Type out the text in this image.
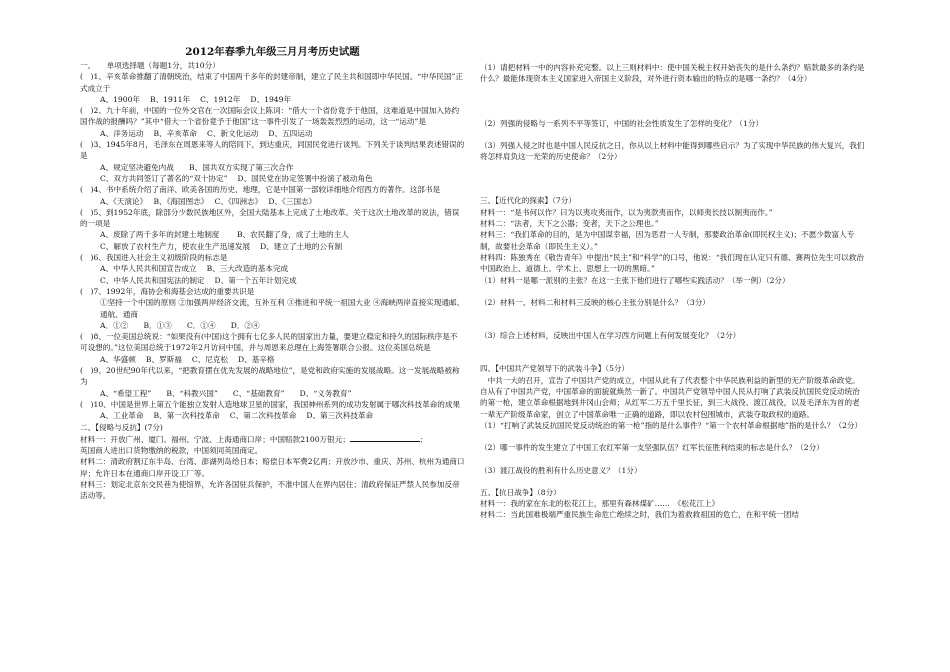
2012年春季九年级三月月考历史试题
一、　　单项选择题（每题1分，共10分）
(　)1、辛亥革命推翻了清朝统治，结束了中国两千多年的封建帝制，建立了民主共和国即中华民国。“中华民国”正式成立于
A、1900年　 B、1911年　 C、1912年　 D、1949年
(　)2、九十年前，中国的一位外交官在一次国际会议上陈词：“借大一个省份竟予于他国，这难道是中国加入协约国作战的报酬吗？”其中“借大一个省份竟予于他国”这一事件引发了一场轰轰烈烈的运动，这一“运动”是
A、洋务运动　 B、辛亥革命　 C、新文化运动　 D、五四运动
(　)3、1945年8月，毛泽东在周恩来等人的陪同下，到达重庆，同国民党进行谈判。下列关于谈判结果表述错误的是
A、规定坚决避免内战　　B、国共双方实现了第三次合作
C、双方共同签订了著名的“双十协定”　 D、国民党在协定签署中扮演了被动角色
(　)4、书中系统介绍了南洋、欧美各国的历史、地理，它是中国第一部较详细地介绍西方的著作。这部书是
A、《天演论》　 B、《海国图志》　 C、《四洲志》　 D、《三国志》
(　)5、到1952年底，除部分少数民族地区外，全国大陆基本上完成了土地改革。关于这次土地改革的说法，错误的一项是
A、废除了两千多年的封建土地制度　　 B、农民翻了身，成了土地的主人
C、解放了农村生产力，使农业生产迅速发展　 D、建立了土地的公有制
(　)6、我国进入社会主义初级阶段的标志是
A、中华人民共和国宣告成立　 B、三大改造的基本完成
C、中华人民共和国宪法的制定　 D、第一个五年计划完成
(　)7、1992年，海协会和海基会达成的重要共识是
①坚持一个中国的原则 ②加强两岸经济交流，互补互利 ③推进和平统一祖国大业 ④海峡两岸直接实现通邮、通航、通商
A．①②　　B．①③　　C．①④　　D．②④
(　)8、一位美国总统说：“如果没有(中国)这个拥有七亿多人民的国家出力量，要建立稳定和持久的国际秩序是不可设想的。”这位美国总统于1972年2月访问中国，并与周恩来总理在上海签署联合公报。这位美国总统是
A、华盛顿　 B、罗斯福　 C、尼克松　 D、基辛格
(　)9、20世纪90年代以来，“把教育摆在优先发展的战略地位”，是党和政府实施的发展战略。这一发展战略被称为
A、“希望工程”　　B、“科教兴国”　　C、“基础教育”　　D、“义务教育”
(　)10、中国是世界上第五个能独立发射人造地球卫星的国家，我国神州系列的成功发射属于哪次科技革命的成果
A、工业革命　 B、第一次科技革命　 C、第二次科技革命　 D、第三次科技革命
二、【侵略与反抗】(7分)
材料一：开放广州、厦门、福州、宁波、上海通商口岸；中国赔款2100万银元；	；
英国商人进出口货物缴纳的税款，中国须同英国商定。
材料二：清政府割辽东半岛、台湾、澎湖列岛给日本；赔偿日本军费2亿两；开放沙市、重庆、苏州、杭州为通商口岸；允许日本在通商口岸开设工厂等。
材料三：划定北京东交民巷为使馆界，允许各国驻兵保护，不准中国人在界内居住；清政府保证严禁人民参加反帝活动等。
（1）请把材料一中的内容补充完整。以上三则材料中：使中国关税主权开始丧失的是什么条约？赔款最多的条约是什么？最能体现资本主义国家进入帝国主义阶段，对外进行资本输出的特点的是哪一条约？（4分）
（2）列强的侵略与一系列不平等签订，中国的社会性质发生了怎样的变化？（1分）
（3）列强入侵之时也是中国人民反抗之日，你从以上材料中能得到哪些启示？为了实现中华民族的伟大复兴，我们将怎样肩负这一光荣的历史使命？（2分）
三、【近代化的探索】（7分）
材料一：“是书何以作？曰为以夷攻夷而作，以为夷款夷而作，以师夷长技以制夷而作。”
材料二：“法者，天下之公器；变者，天下之公理也。”
材料三：“我们革命的目的，是为中国谋幸福，因为恶君一人专制，那要政治革命(即民权主义)；不愿少数富人专制，故要社会革命（即民生主义）。”
材料四：陈独秀在《敬告青年》中提出“民主”和“科学”的口号，他说：“我们现在认定只有德、赛两位先生可以救治中国政治上、道德上、学术上、思想上一切的黑暗。”
（1）材料一是哪一派别的主张？在这一主张下他们进行了哪些实践活动？（举一例）（2分）
（2）材料一、材料二和材料三反映的核心主张分别是什么？（3分）
（3）综合上述材料，反映出中国人在学习西方问题上有何发展变化？（2分）
四、【中国共产党领导下的武装斗争】（5分）
　中共一大的召开，宣告了中国共产党的成立，中国从此有了代表整个中华民族利益的新型的无产阶级革命政党。自从有了中国共产党，中国革命的面貌就焕然一新了。中国共产党领导中国人民从打响了武装反抗国民党反动统治的第一枪，建立革命根据地到井冈山会师；从红军二万五千里长征，到三大战役、渡江战役，以及毛泽东为首的老一辈无产阶级革命家，创立了中国革命唯一正确的道路，即以农村包围城市，武装夺取政权的道路。
（1）“打响了武装反抗国民党反动统治的第一枪”指的是什么事件？“第一个农村革命根据地”指的是什么？（2分）
（2）哪一事件的发生建立了中国工农红军第一支坚强队伍？红军长征胜利结束的标志是什么？（2分）
（3）渡江战役的胜利有什么历史意义？（1分）
五、【抗日战争】（8分）
材料一：我的家在东北的松花江上，那里有森林煤矿……　《松花江上》
材料二：当此国难极端严重民族生命危亡绝续之时，我们为着救救祖国的危亡，在和平统一团结
